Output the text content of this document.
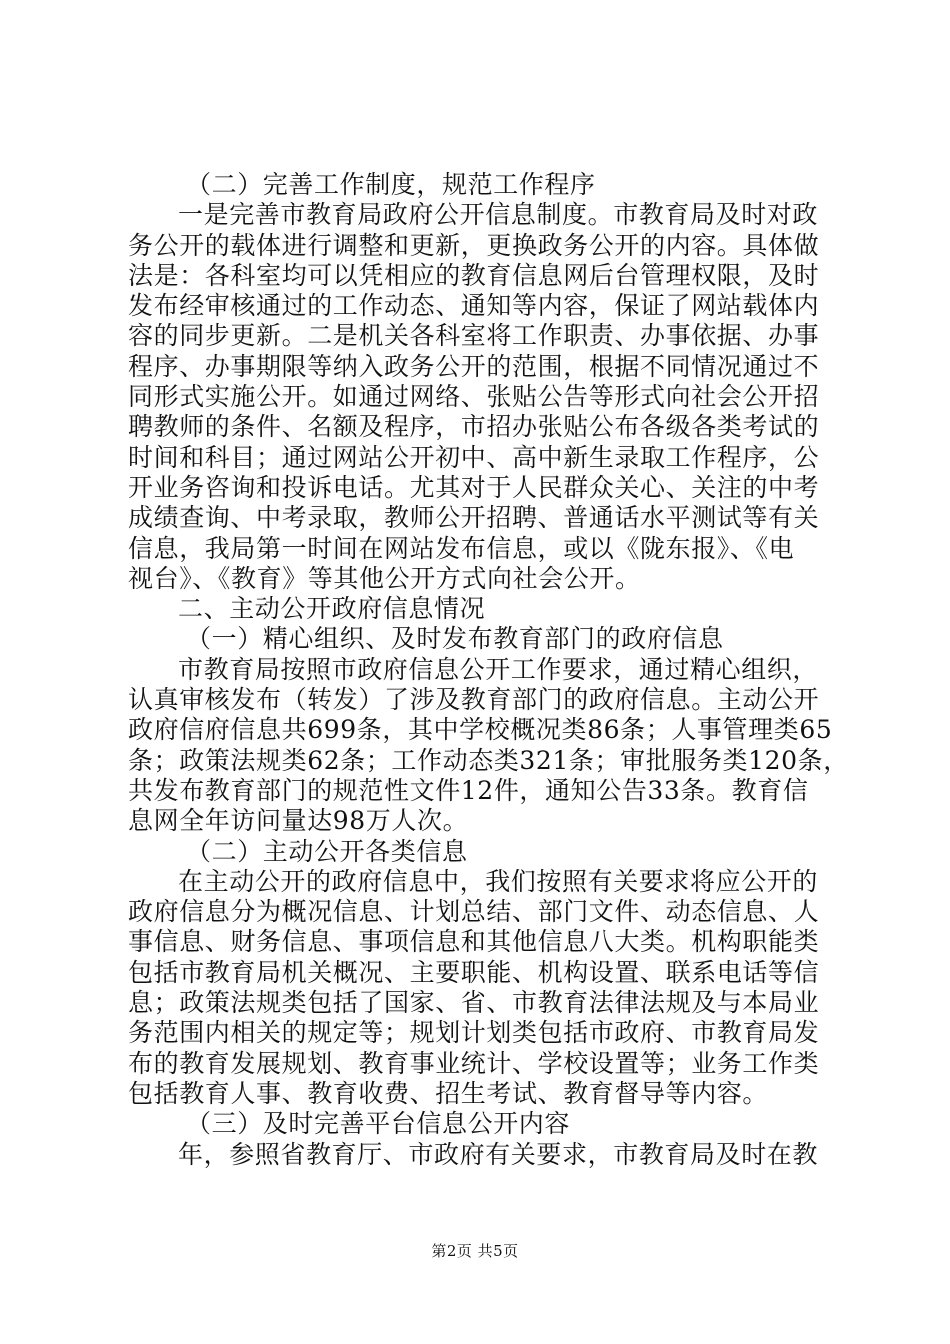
（二）完善工作制度，规范工作程序
一是完善市教育局政府公开信息制度。市教育局及时对政
务公开的载体进行调整和更新，更换政务公开的内容。具体做
法是：各科室均可以凭相应的教育信息网后台管理权限，及时
发布经审核通过的工作动态、通知等内容，保证了网站载体内
容的同步更新。二是机关各科室将工作职责、办事依据、办事
程序、办事期限等纳入政务公开的范围，根据不同情况通过不
同形式实施公开。如通过网络、张贴公告等形式向社会公开招
聘教师的条件、名额及程序，市招办张贴公布各级各类考试的
时间和科目；通过网站公开初中、高中新生录取工作程序，公
开业务咨询和投诉电话。尤其对于人民群众关心、关注的中考
成绩查询、中考录取，教师公开招聘、普通话水平测试等有关
信息，我局第一时间在网站发布信息，或以《陇东报》、《电
视台》、《教育》等其他公开方式向社会公开。
二、主动公开政府信息情况
（一）精心组织、及时发布教育部门的政府信息
市教育局按照市政府信息公开工作要求，通过精心组织，
认真审核发布（转发）了涉及教育部门的政府信息。主动公开
政府信府信息共699条，其中学校概况类86条；人事管理类65
条；政策法规类62条；工作动态类321条；审批服务类120条，
共发布教育部门的规范性文件12件，通知公告33条。教育信
息网全年访问量达98万人次。
（二）主动公开各类信息
在主动公开的政府信息中，我们按照有关要求将应公开的
政府信息分为概况信息、计划总结、部门文件、动态信息、人
事信息、财务信息、事项信息和其他信息八大类。机构职能类
包括市教育局机关概况、主要职能、机构设置、联系电话等信
息；政策法规类包括了国家、省、市教育法律法规及与本局业
务范围内相关的规定等；规划计划类包括市政府、市教育局发
布的教育发展规划、教育事业统计、学校设置等；业务工作类
包括教育人事、教育收费、招生考试、教育督导等内容。
（三）及时完善平台信息公开内容
年，参照省教育厅、市政府有关要求，市教育局及时在教
第2页 共5页
